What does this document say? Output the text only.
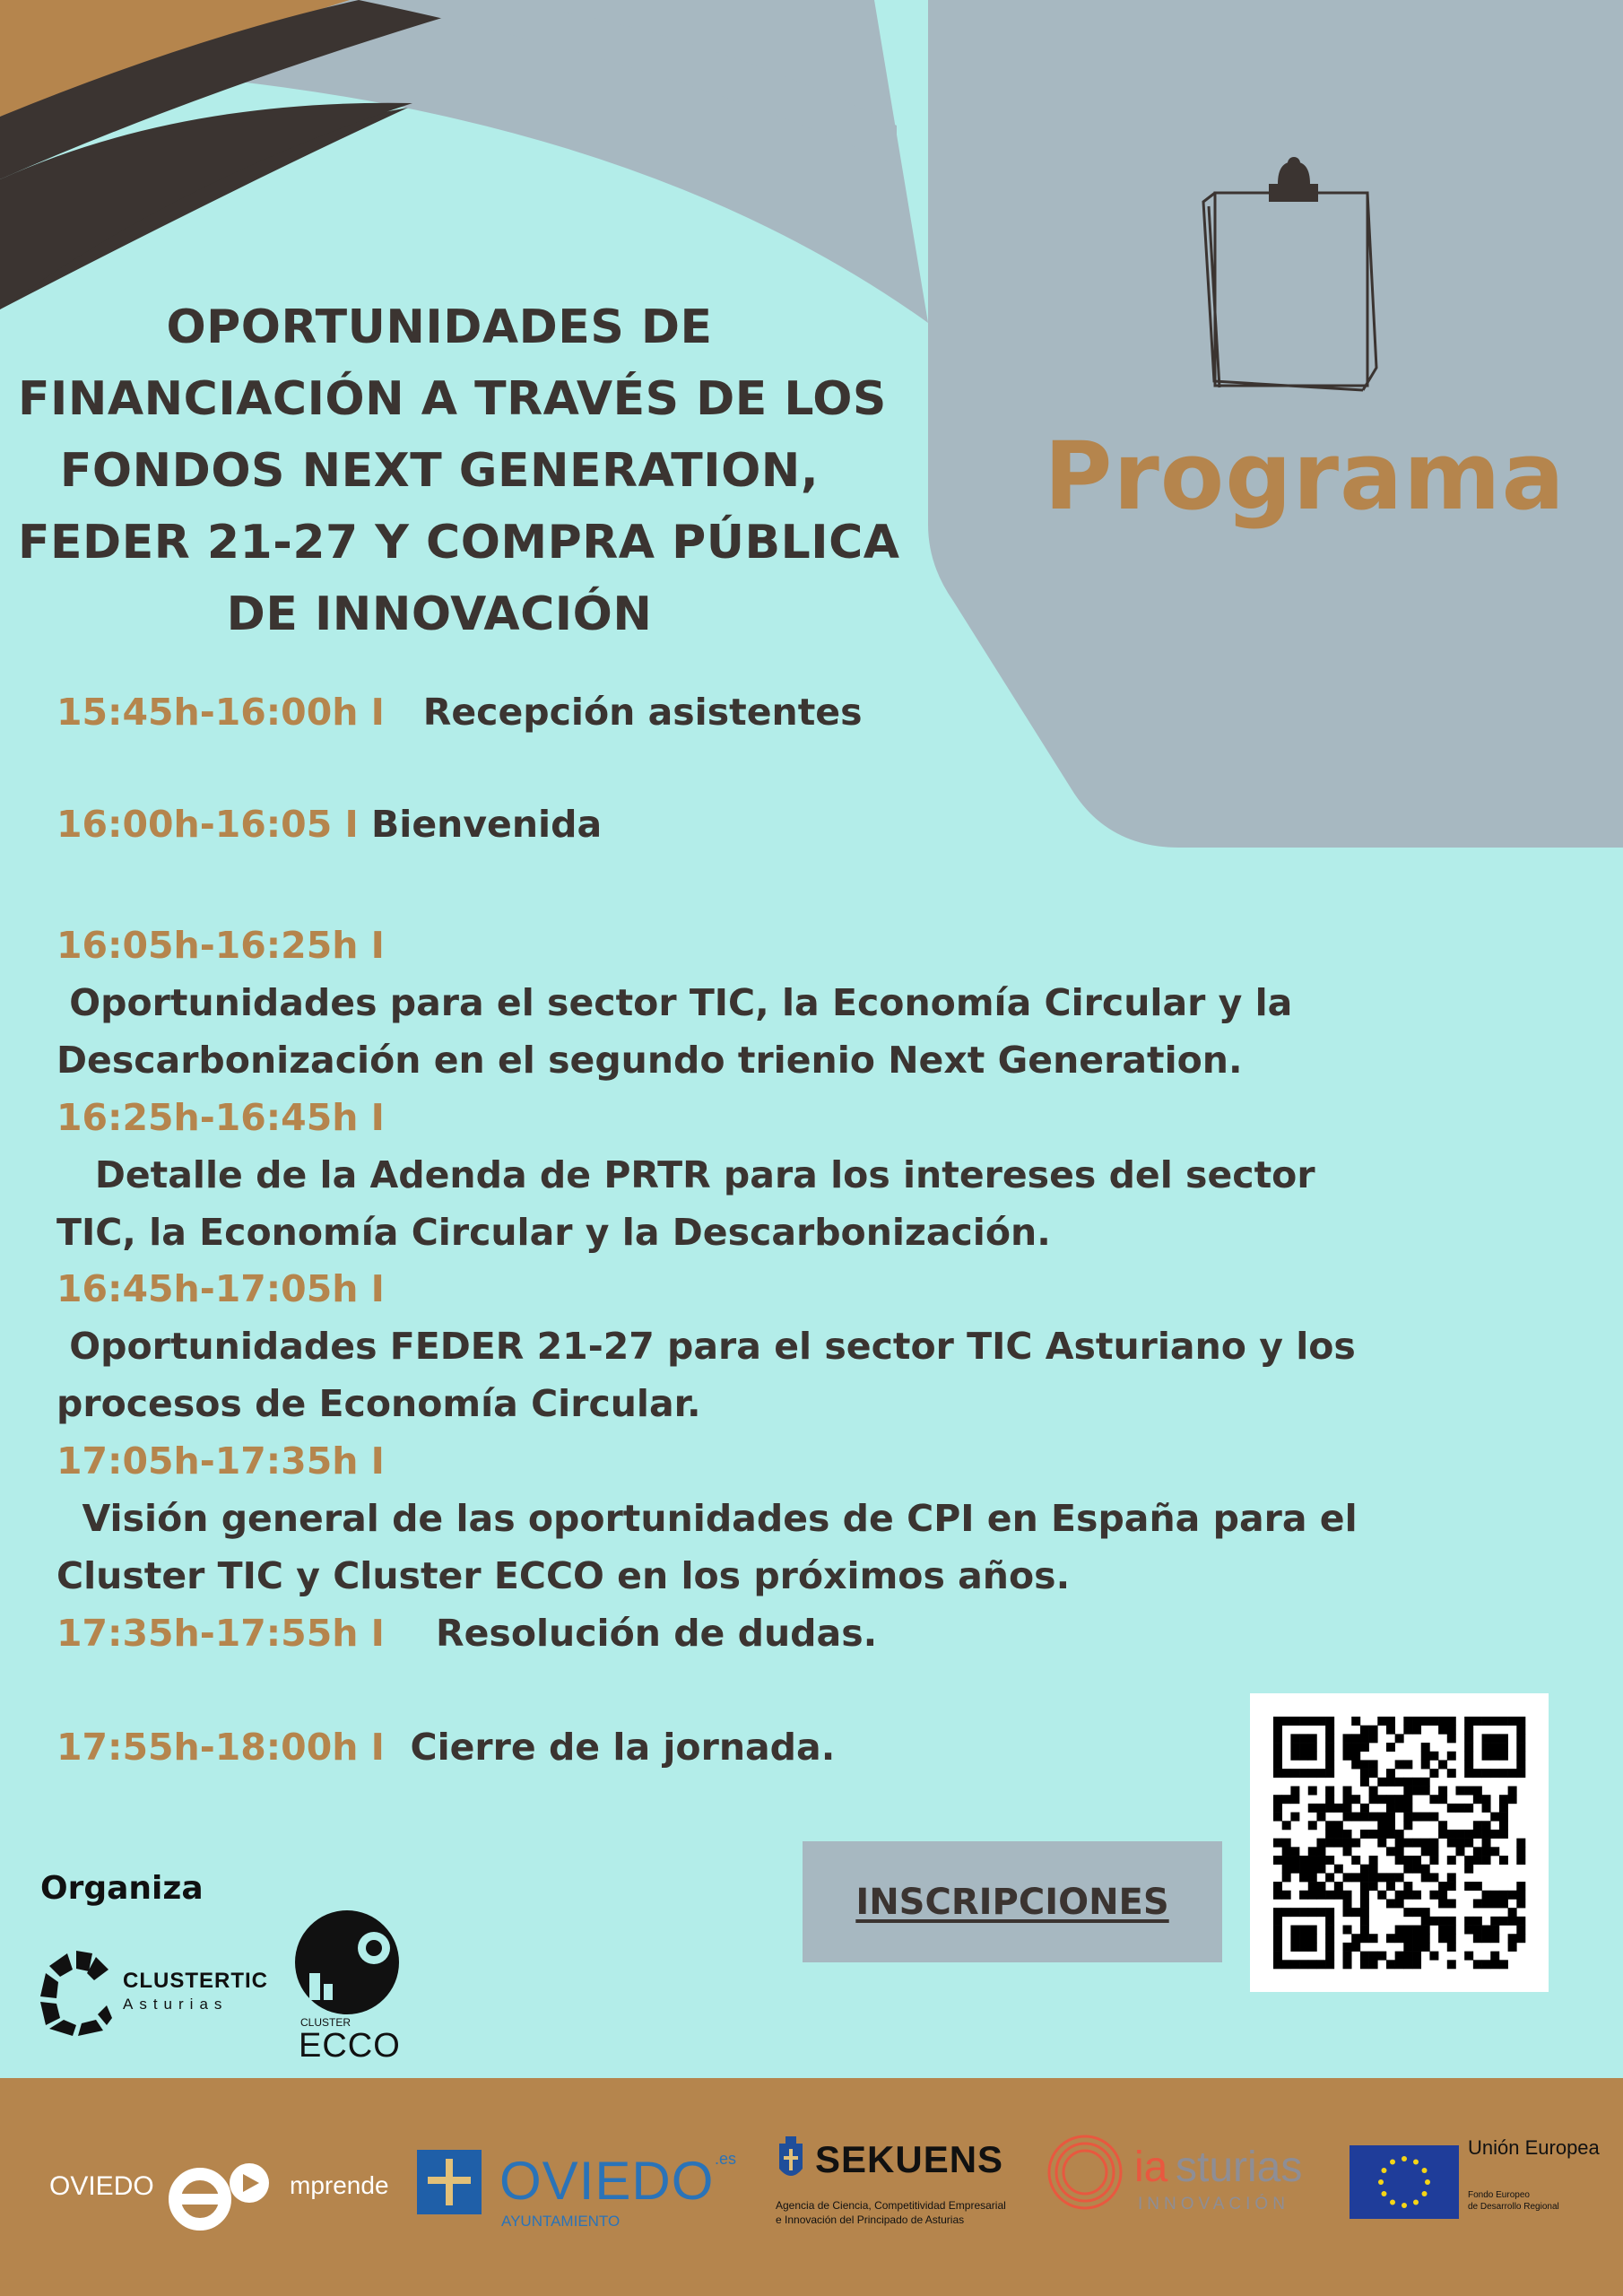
Programa
OPORTUNIDADES DE
FINANCIACIÓN A TRAVÉS DE LOS
FONDOS NEXT GENERATION,
FEDER 21-27 Y COMPRA PÚBLICA
DE INNOVACIÓN
15:45h-16:00h I   Recepción asistentes
16:00h-16:05 I Bienvenida
16:05h-16:25h I Oportunidades para el sector TIC, la Economía Circular y la
Descarbonización en el segundo trienio Next Generation.
16:25h-16:45h I   Detalle de la Adenda de PRTR para los intereses del sector
TIC, la Economía Circular y la Descarbonización.
16:45h-17:05h I Oportunidades FEDER 21-27 para el sector TIC Asturiano y los
procesos de Economía Circular.
17:05h-17:35h I  Visión general de las oportunidades de CPI en España para el
Cluster TIC y Cluster ECCO en los próximos años.
17:35h-17:55h I    Resolución de dudas.
17:55h-18:00h I  Cierre de la jornada.
INSCRIPCIONES
Organiza
CLUSTERTIC
Asturias
CLUSTER
ECCO
OVIEDO	mprende OVIEDO .es
AYUNTAMIENTO
SEKUENS
Agencia de Ciencia, Competitividad Empresarial
e Innovación del Principado de Asturias
ia sturias
INNOVACIÓN
Unión Europea
Fondo Europeo
de Desarrollo Regional
